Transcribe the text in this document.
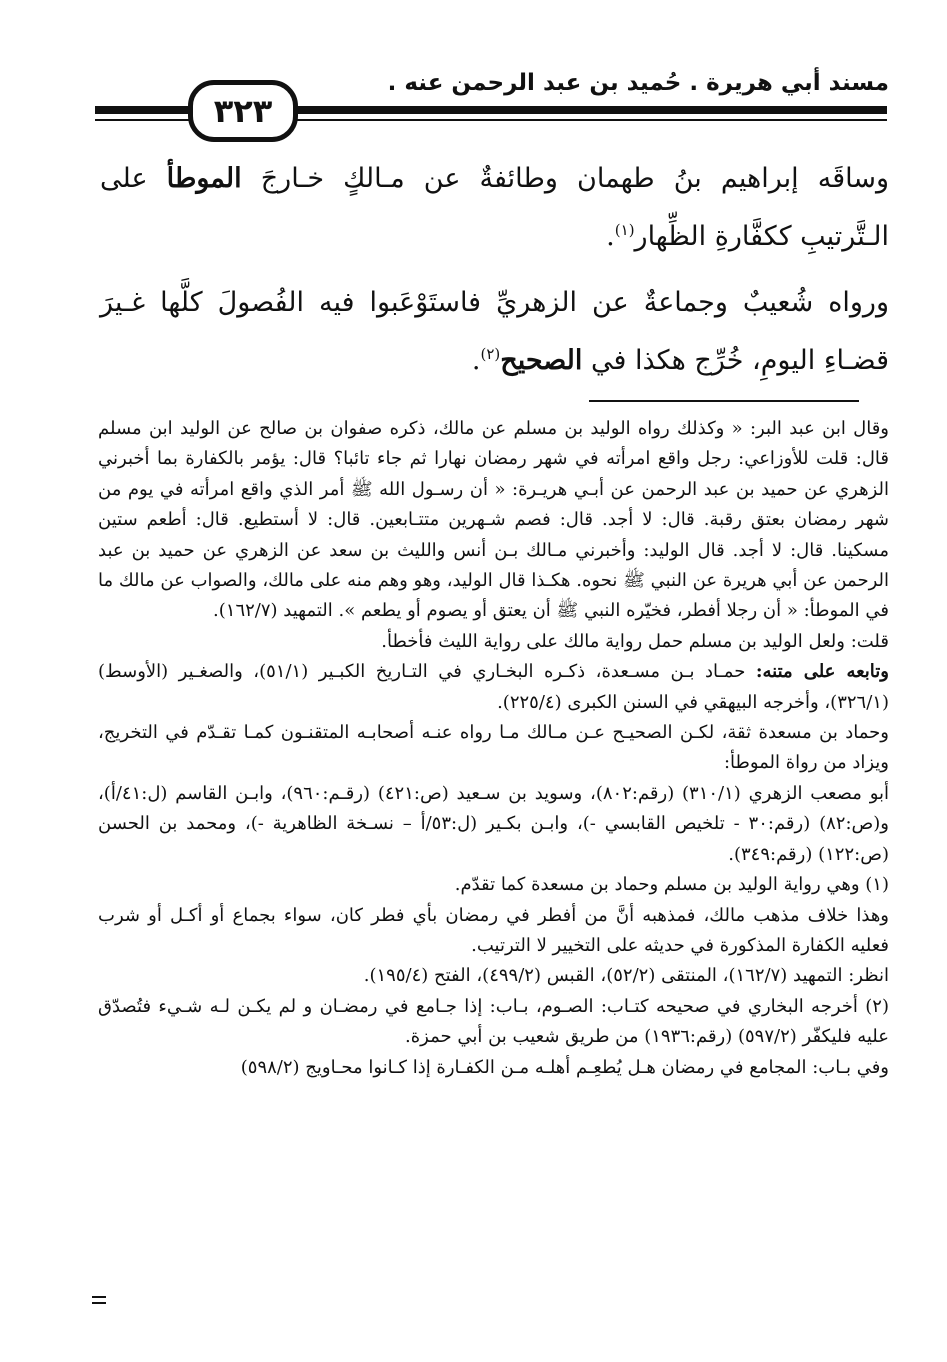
مسند أبي هريرة . حُميد بن عبد الرحمن عنه .
٣٢٣

وساقَه إبراهيم بنُ طهمان وطائفةٌ عن مـالكٍ خـارجَ الموطأ على الـتَّرتيبِ ككفَّارةِ الظِّهار$^{(١)}$.

ورواه شُعيبٌ وجماعةٌ عن الزهريِّ فاستَوْعَبوا فيه الفُصولَ كلَّها غـيرَ قضـاءِ اليومِ، خُرِّج هكذا في الصحيح$^{(٢)}$.

وقال ابن عبد البر: « وكذلك رواه الوليد بن مسلم عن مالك، ذكره صفوان بن صالح عن الوليد ابن مسلم قال: قلت للأوزاعي: رجل واقع امرأته في شهر رمضان نهارا ثم جاء تائبا؟ قال: يؤمر بالكفارة بما أخبرني الزهري عن حميد بن عبد الرحمن عن أبـي هريـرة: « أن رسـول الله ﷺ أمر الذي واقع امرأته في يوم من شهر رمضان بعتق رقبة. قال: لا أجد. قال: فصم شـهرين متتـابعين. قال: لا أستطيع. قال: أطعم ستين مسكينا. قال: لا أجد. قال الوليد: وأخبرني مـالك بـن أنس والليث بن سعد عن الزهري عن حميد بن عبد الرحمن عن أبي هريرة عن النبي ﷺ نحوه. هكـذا قال الوليد، وهو وهم منه على مالك، والصواب عن مالك ما في الموطأ: « أن رجلا أفطر، فخيّره النبي ﷺ أن يعتق أو يصوم أو يطعم ». التمهيد (١٦٢/٧).

قلت: ولعل الوليد بن مسلم حمل رواية مالك على رواية الليث فأخطأ.

وتابعه على متنه: حمـاد بـن مسـعدة، ذكـره البخـاري في التـاريخ الكبـير (٥١/١)، والصغـير (الأوسط) (٣٢٦/١)، وأخرجه البيهقي في السنن الكبرى (٢٢٥/٤).

وحماد بن مسعدة ثقة، لكـن الصحيـح عـن مـالك مـا رواه عنـه أصحابـه المتقنـون كمـا تقـدّم في التخريج، ويزاد من رواة الموطأ:

أبو مصعب الزهري (٣١٠/١) (رقم:٨٠٢)، وسويد بن سـعيد (ص:٤٢١) (رقـم:٩٦٠)، وابـن القاسم (ل:٤١/أ)، و(ص:٨٢) (رقم:٣٠ - تلخيص القابسي -)، وابـن بكـير (ل:٥٣/أ – نسـخة الظاهرية -)، ومحمد بن الحسن (ص:١٢٢) (رقم:٣٤٩).

(١) وهي رواية الوليد بن مسلم وحماد بن مسعدة كما تقدّم.

وهذا خلاف مذهب مالك، فمذهبه أنَّ من أفطر في رمضان بأي فطر كان، سواء بجماع أو أكـل أو شرب فعليه الكفارة المذكورة في حديثه على التخيير لا الترتيب.

انظر: التمهيد (١٦٢/٧)، المنتقى (٥٢/٢)، القبس (٤٩٩/٢)، الفتح (١٩٥/٤).

(٢) أخرجه البخاري في صحيحه كتـاب: الصـوم، بـاب: إذا جـامع في رمضـان و لم يكـن لـه شـيء فتُصدّق عليه فليكفّر (٥٩٧/٢) (رقم:١٩٣٦) من طريق شعيب بن أبي حمزة.

وفي بـاب: المجامع في رمضان هـل يُطعِـم أهلـه مـن الكفـارة إذا كـانوا محـاويج (٥٩٨/٢)
